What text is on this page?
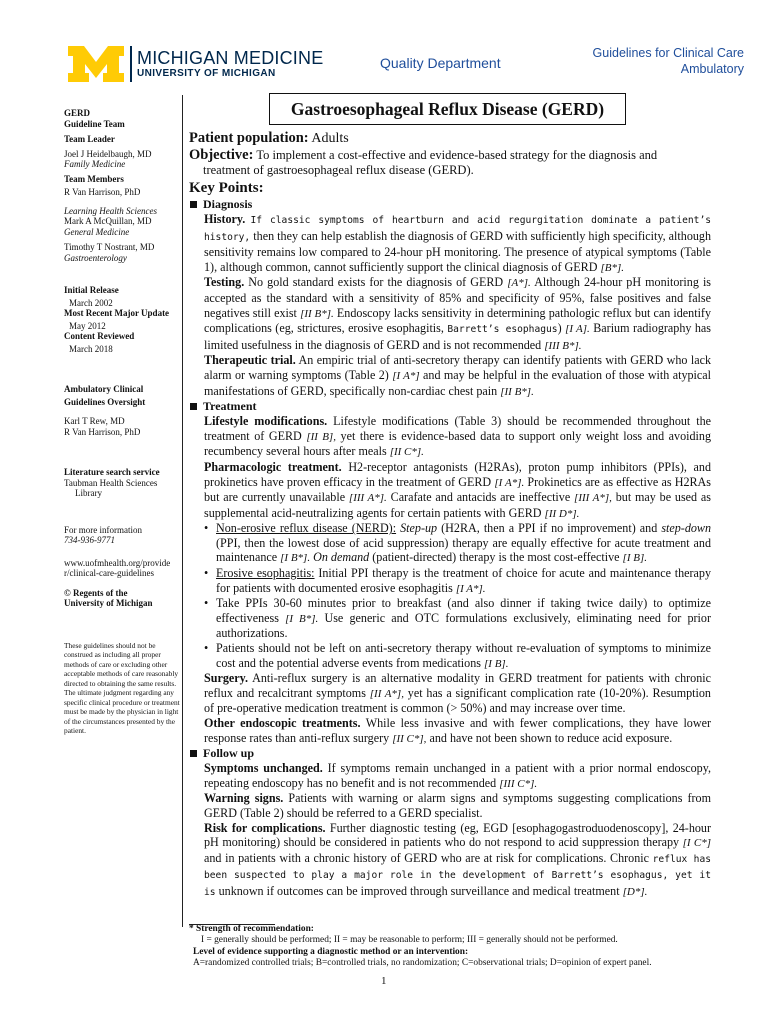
MICHIGAN MEDICINE
UNIVERSITY OF MICHIGAN
Quality Department
Guidelines for Clinical Care
Ambulatory
GERD
Guideline Team
Team Leader
Joel J Heidelbaugh, MD
Family Medicine
Team Members
R Van Harrison, PhD
Learning Health Sciences
Mark A McQuillan, MD
General Medicine
Timothy T Nostrant, MD
Gastroenterology
Initial Release
March 2002
Most Recent Major Update
May 2012
Content Reviewed
March 2018
Ambulatory Clinical
Guidelines Oversight
Karl T Rew, MD
R Van Harrison, PhD
Literature search service
Taubman Health Sciences
Library
For more information
734-936-9771
www.uofmhealth.org/provide
r/clinical-care-guidelines
© Regents of the
University of Michigan
These guidelines should not be construed as including all proper methods of care or excluding other acceptable methods of care reasonably directed to obtaining the same results. The ultimate judgment regarding any specific clinical procedure or treatment must be made by the physician in light of the circumstances presented by the patient.
Gastroesophageal Reflux Disease (GERD)
Patient population: Adults
Objective: To implement a cost-effective and evidence-based strategy for the diagnosis and
treatment of gastroesophageal reflux disease (GERD).
Key Points:
Diagnosis
History. If classic symptoms of heartburn and acid regurgitation dominate a patient’s history, then they can help establish the diagnosis of GERD with sufficiently high specificity, although sensitivity remains low compared to 24-hour pH monitoring. The presence of atypical symptoms (Table 1), although common, cannot sufficiently support the clinical diagnosis of GERD [B*].
Testing. No gold standard exists for the diagnosis of GERD [A*]. Although 24-hour pH monitoring is accepted as the standard with a sensitivity of 85% and specificity of 95%, false positives and false negatives still exist [II B*]. Endoscopy lacks sensitivity in determining pathologic reflux but can identify complications (eg, strictures, erosive esophagitis, Barrett’s esophagus) [I A]. Barium radiography has limited usefulness in the diagnosis of GERD and is not recommended [III B*].
Therapeutic trial. An empiric trial of anti-secretory therapy can identify patients with GERD who lack alarm or warning symptoms (Table 2) [I A*] and may be helpful in the evaluation of those with atypical manifestations of GERD, specifically non-cardiac chest pain [II B*].
Treatment
Lifestyle modifications. Lifestyle modifications (Table 3) should be recommended throughout the treatment of GERD [II B], yet there is evidence-based data to support only weight loss and avoiding recumbency several hours after meals [II C*].
Pharmacologic treatment. H2-receptor antagonists (H2RAs), proton pump inhibitors (PPIs), and prokinetics have proven efficacy in the treatment of GERD [I A*]. Prokinetics are as effective as H2RAs but are currently unavailable [III A*]. Carafate and antacids are ineffective [III A*], but may be used as supplemental acid-neutralizing agents for certain patients with GERD [II D*].
• Non-erosive reflux disease (NERD): Step-up (H2RA, then a PPI if no improvement) and step-down (PPI, then the lowest dose of acid suppression) therapy are equally effective for acute treatment and maintenance [I B*]. On demand (patient-directed) therapy is the most cost-effective [I B].
• Erosive esophagitis: Initial PPI therapy is the treatment of choice for acute and maintenance therapy for patients with documented erosive esophagitis [I A*].
• Take PPIs 30-60 minutes prior to breakfast (and also dinner if taking twice daily) to optimize effectiveness [I B*]. Use generic and OTC formulations exclusively, eliminating need for prior authorizations.
• Patients should not be left on anti-secretory therapy without re-evaluation of symptoms to minimize cost and the potential adverse events from medications [I B].
Surgery. Anti-reflux surgery is an alternative modality in GERD treatment for patients with chronic reflux and recalcitrant symptoms [II A*], yet has a significant complication rate (10-20%). Resumption of pre-operative medication treatment is common (> 50%) and may increase over time.
Other endoscopic treatments. While less invasive and with fewer complications, they have lower response rates than anti-reflux surgery [II C*], and have not been shown to reduce acid exposure.
Follow up
Symptoms unchanged. If symptoms remain unchanged in a patient with a prior normal endoscopy, repeating endoscopy has no benefit and is not recommended [III C*].
Warning signs. Patients with warning or alarm signs and symptoms suggesting complications from GERD (Table 2) should be referred to a GERD specialist.
Risk for complications. Further diagnostic testing (eg, EGD [esophagogastroduodenoscopy], 24-hour pH monitoring) should be considered in patients who do not respond to acid suppression therapy [I C*] and in patients with a chronic history of GERD who are at risk for complications. Chronic reflux has been suspected to play a major role in the development of Barrett’s esophagus, yet it is unknown if outcomes can be improved through surveillance and medical treatment [D*].
* Strength of recommendation:
I = generally should be performed; II = may be reasonable to perform; III = generally should not be performed.
Level of evidence supporting a diagnostic method or an intervention:
A=randomized controlled trials; B=controlled trials, no randomization; C=observational trials; D=opinion of expert panel.
1
